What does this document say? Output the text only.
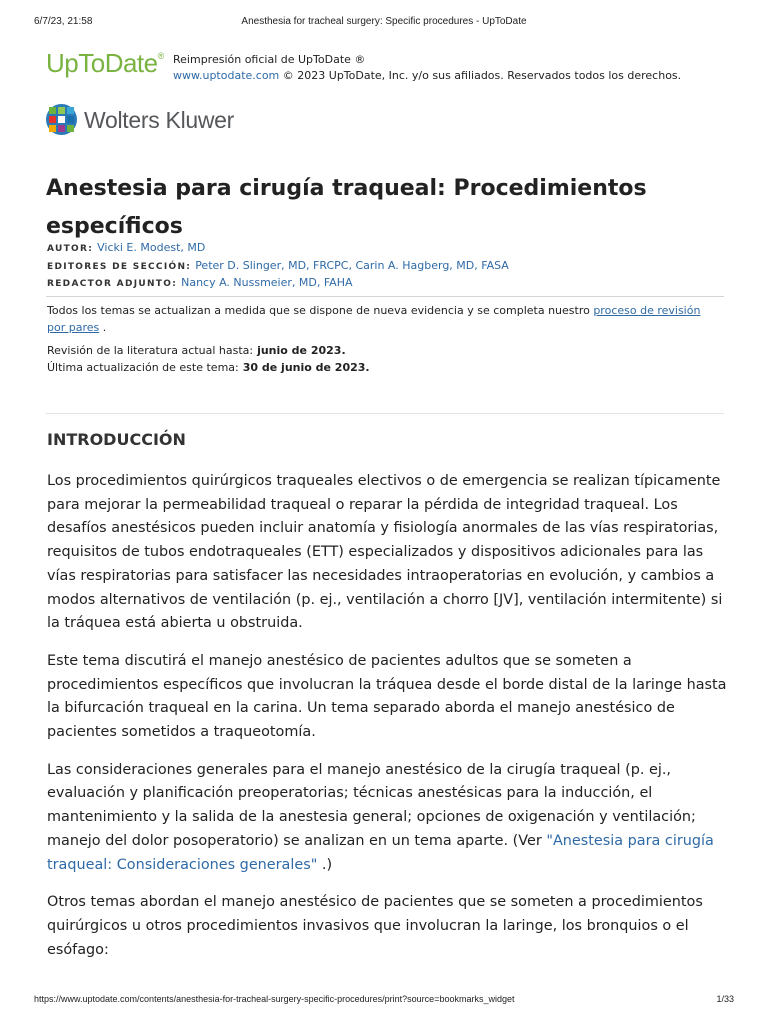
6/7/23, 21:58	Anesthesia for tracheal surgery: Specific procedures - UpToDate
UpToDate® Reimpresión oficial de UpToDate ®
www.uptodate.com © 2023 UpToDate, Inc. y/o sus afiliados. Reservados todos los derechos.
Wolters Kluwer
Anestesia para cirugía traqueal: Procedimientos específicos
AUTOR: Vicki E. Modest, MD
EDITORES DE SECCIÓN: Peter D. Slinger, MD, FRCPC, Carin A. Hagberg, MD, FASA
REDACTOR ADJUNTO: Nancy A. Nussmeier, MD, FAHA
Todos los temas se actualizan a medida que se dispone de nueva evidencia y se completa nuestro proceso de revisión por pares .
Revisión de la literatura actual hasta: junio de 2023.
Última actualización de este tema: 30 de junio de 2023.
INTRODUCCIÓN

Los procedimientos quirúrgicos traqueales electivos o de emergencia se realizan típicamente para mejorar la permeabilidad traqueal o reparar la pérdida de integridad traqueal. Los desafíos anestésicos pueden incluir anatomía y fisiología anormales de las vías respiratorias, requisitos de tubos endotraqueales (ETT) especializados y dispositivos adicionales para las vías respiratorias para satisfacer las necesidades intraoperatorias en evolución, y cambios a modos alternativos de ventilación (p. ej., ventilación a chorro [JV], ventilación intermitente) si la tráquea está abierta u obstruida.

Este tema discutirá el manejo anestésico de pacientes adultos que se someten a procedimientos específicos que involucran la tráquea desde el borde distal de la laringe hasta la bifurcación traqueal en la carina. Un tema separado aborda el manejo anestésico de pacientes sometidos a traqueotomía.

Las consideraciones generales para el manejo anestésico de la cirugía traqueal (p. ej., evaluación y planificación preoperatorias; técnicas anestésicas para la inducción, el mantenimiento y la salida de la anestesia general; opciones de oxigenación y ventilación; manejo del dolor posoperatorio) se analizan en un tema aparte. (Ver "Anestesia para cirugía traqueal: Consideraciones generales" .)

Otros temas abordan el manejo anestésico de pacientes que se someten a procedimientos quirúrgicos u otros procedimientos invasivos que involucran la laringe, los bronquios o el esófago:

https://www.uptodate.com/contents/anesthesia-for-tracheal-surgery-specific-procedures/print?source=bookmarks_widget	1/33
